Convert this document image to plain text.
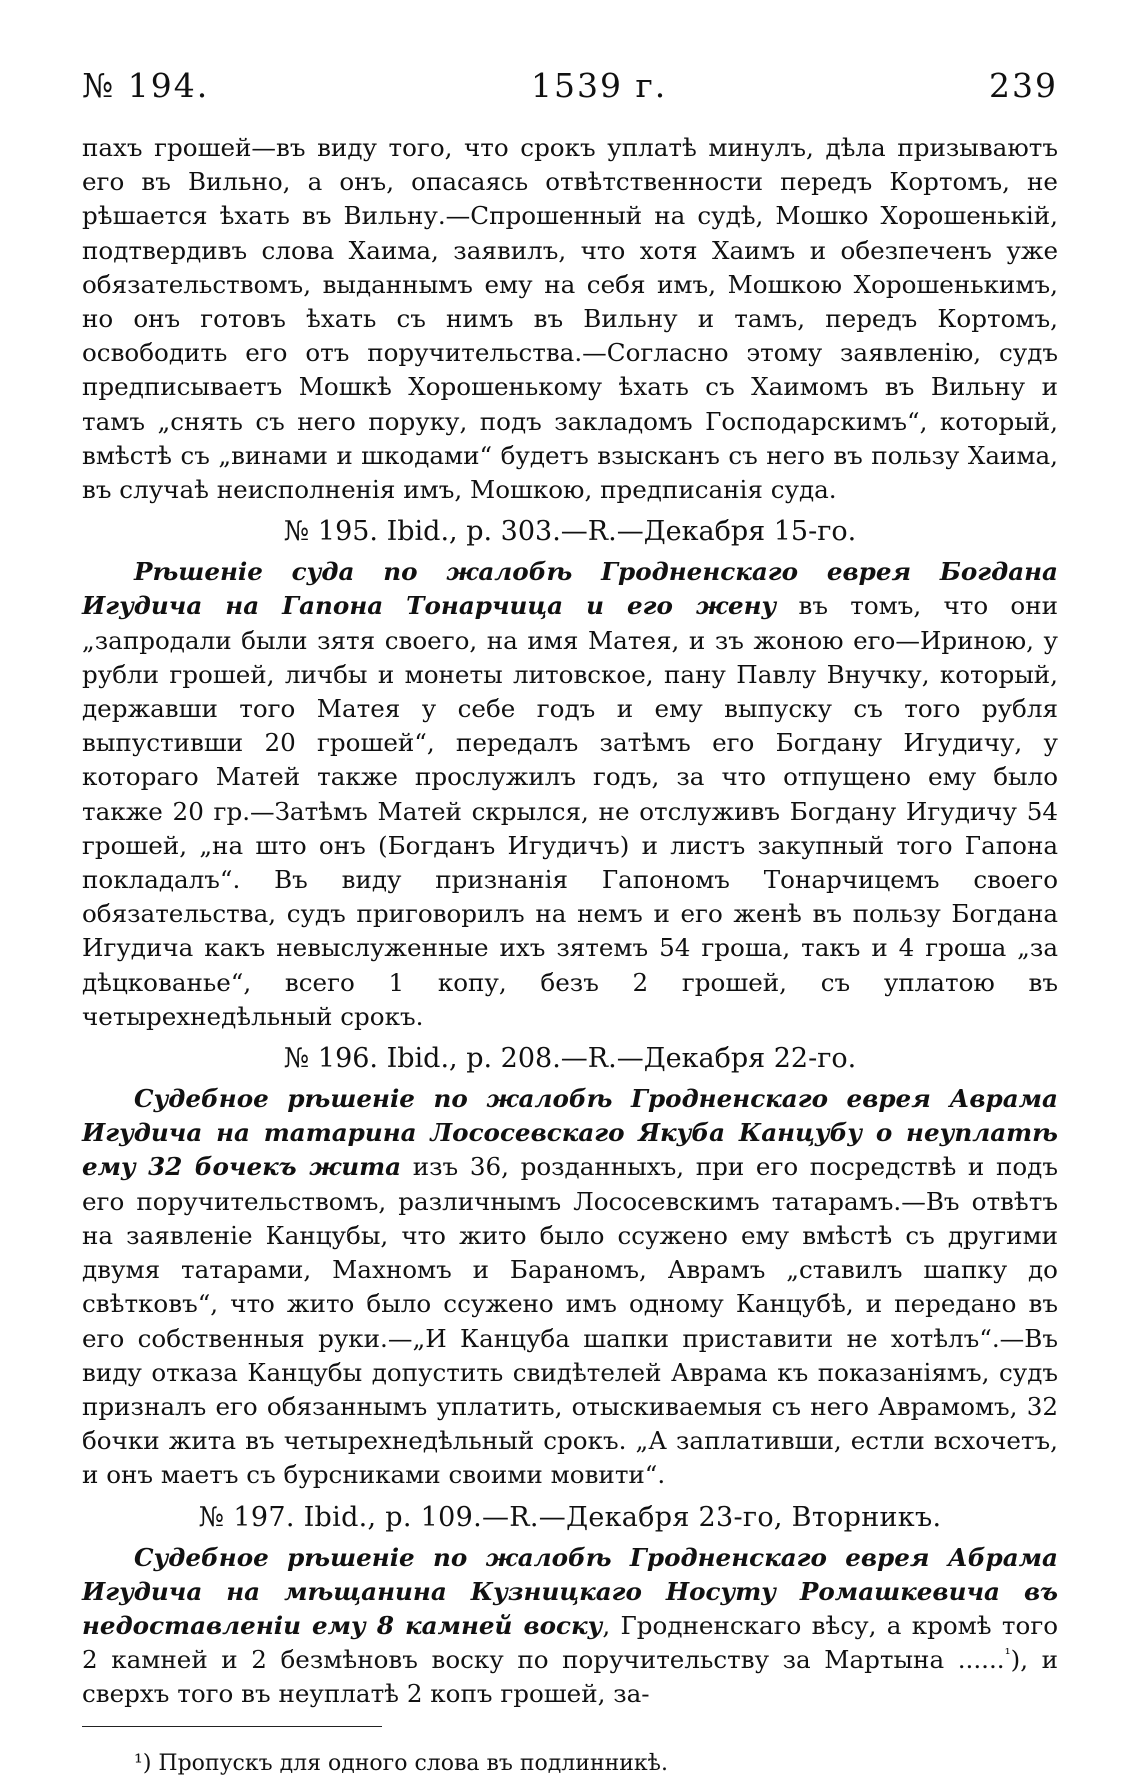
№ 194.	1539 г.	239

пахъ грошей—въ виду того, что срокъ уплатѣ минулъ, дѣла призываютъ его въ Вильно, а онъ, опасаясь отвѣтственности передъ Кортомъ, не рѣшается ѣхать въ Вильну.—Спрошенный на судѣ, Мошко Хорошенькій, подтвердивъ слова Хаима, заявилъ, что хотя Хаимъ и обезпеченъ уже обязательствомъ, выданнымъ ему на себя имъ, Мошкою Хорошенькимъ, но онъ готовъ ѣхать съ нимъ въ Вильну и тамъ, передъ Кортомъ, освободить его отъ поручительства.—Согласно этому заявленію, судъ предписываетъ Мошкѣ Хорошенькому ѣхать съ Хаимомъ въ Вильну и тамъ „снять съ него поруку, подъ закладомъ Господарскимъ“, который, вмѣстѣ съ „винами и шкодами“ будетъ взысканъ съ него въ пользу Хаима, въ случаѣ неисполненія имъ, Мошкою, предписанія суда.

№ 195. Ibid., p. 303.—R.—Декабря 15-го.

Рѣшеніе суда по жалобѣ Гродненскаго еврея Богдана Игудича на Гапона Тонарчица и его жену въ томъ, что они „запродали были зятя своего, на имя Матея, и зъ жоною его—Ириною, у рубли грошей, личбы и монеты литовское, пану Павлу Внучку, который, державши того Матея у себе годъ и ему выпуску съ того рубля выпустивши 20 грошей“, передалъ затѣмъ его Богдану Игудичу, у котораго Матей также прослужилъ годъ, за что отпущено ему было также 20 гр.—Затѣмъ Матей скрылся, не отслуживъ Богдану Игудичу 54 грошей, „на што онъ (Богданъ Игудичъ) и листъ закупный того Гапона покладалъ“. Въ виду признанія Гапономъ Тонарчицемъ своего обязательства, судъ приговорилъ на немъ и его женѣ въ пользу Богдана Игудича какъ невыслуженные ихъ зятемъ 54 гроша, такъ и 4 гроша „за дѣцкованье“, всего 1 копу, безъ 2 грошей, съ уплатою въ четырехнедѣльный срокъ.

№ 196. Ibid., p. 208.—R.—Декабря 22-го.

Судебное рѣшеніе по жалобѣ Гродненскаго еврея Аврама Игудича на татарина Лососевскаго Якуба Канцубу о неуплатѣ ему 32 бочекъ жита изъ 36, розданныхъ, при его посредствѣ и подъ его поручительствомъ, различнымъ Лососевскимъ татарамъ.—Въ отвѣтъ на заявленіе Канцубы, что жито было ссужено ему вмѣстѣ съ другими двумя татарами, Махномъ и Бараномъ, Аврамъ „ставилъ шапку до свѣтковъ“, что жито было ссужено имъ одному Канцубѣ, и передано въ его собственныя руки.—„И Канцуба шапки приставити не хотѣлъ“.—Въ виду отказа Канцубы допустить свидѣтелей Аврама къ показаніямъ, судъ призналъ его обязаннымъ уплатить, отыскиваемыя съ него Аврамомъ, 32 бочки жита въ четырехнедѣльный срокъ. „А заплативши, естли всхочетъ, и онъ маетъ съ бурсниками своими мовити“.

№ 197. Ibid., p. 109.—R.—Декабря 23-го, Вторникъ.

Судебное рѣшеніе по жалобѣ Гродненскаго еврея Абрама Игудича на мѣщанина Кузницкаго Носуту Ромашкевича въ недоставленіи ему 8 камней воску, Гродненскаго вѣсу, а кромѣ того 2 камней и 2 безмѣновъ воску по поручительству за Мартына ......$^{^1}$), и сверхъ того въ неуплатѣ 2 копъ грошей, за-

¹) Пропускъ для одного слова въ подлинникѣ.
